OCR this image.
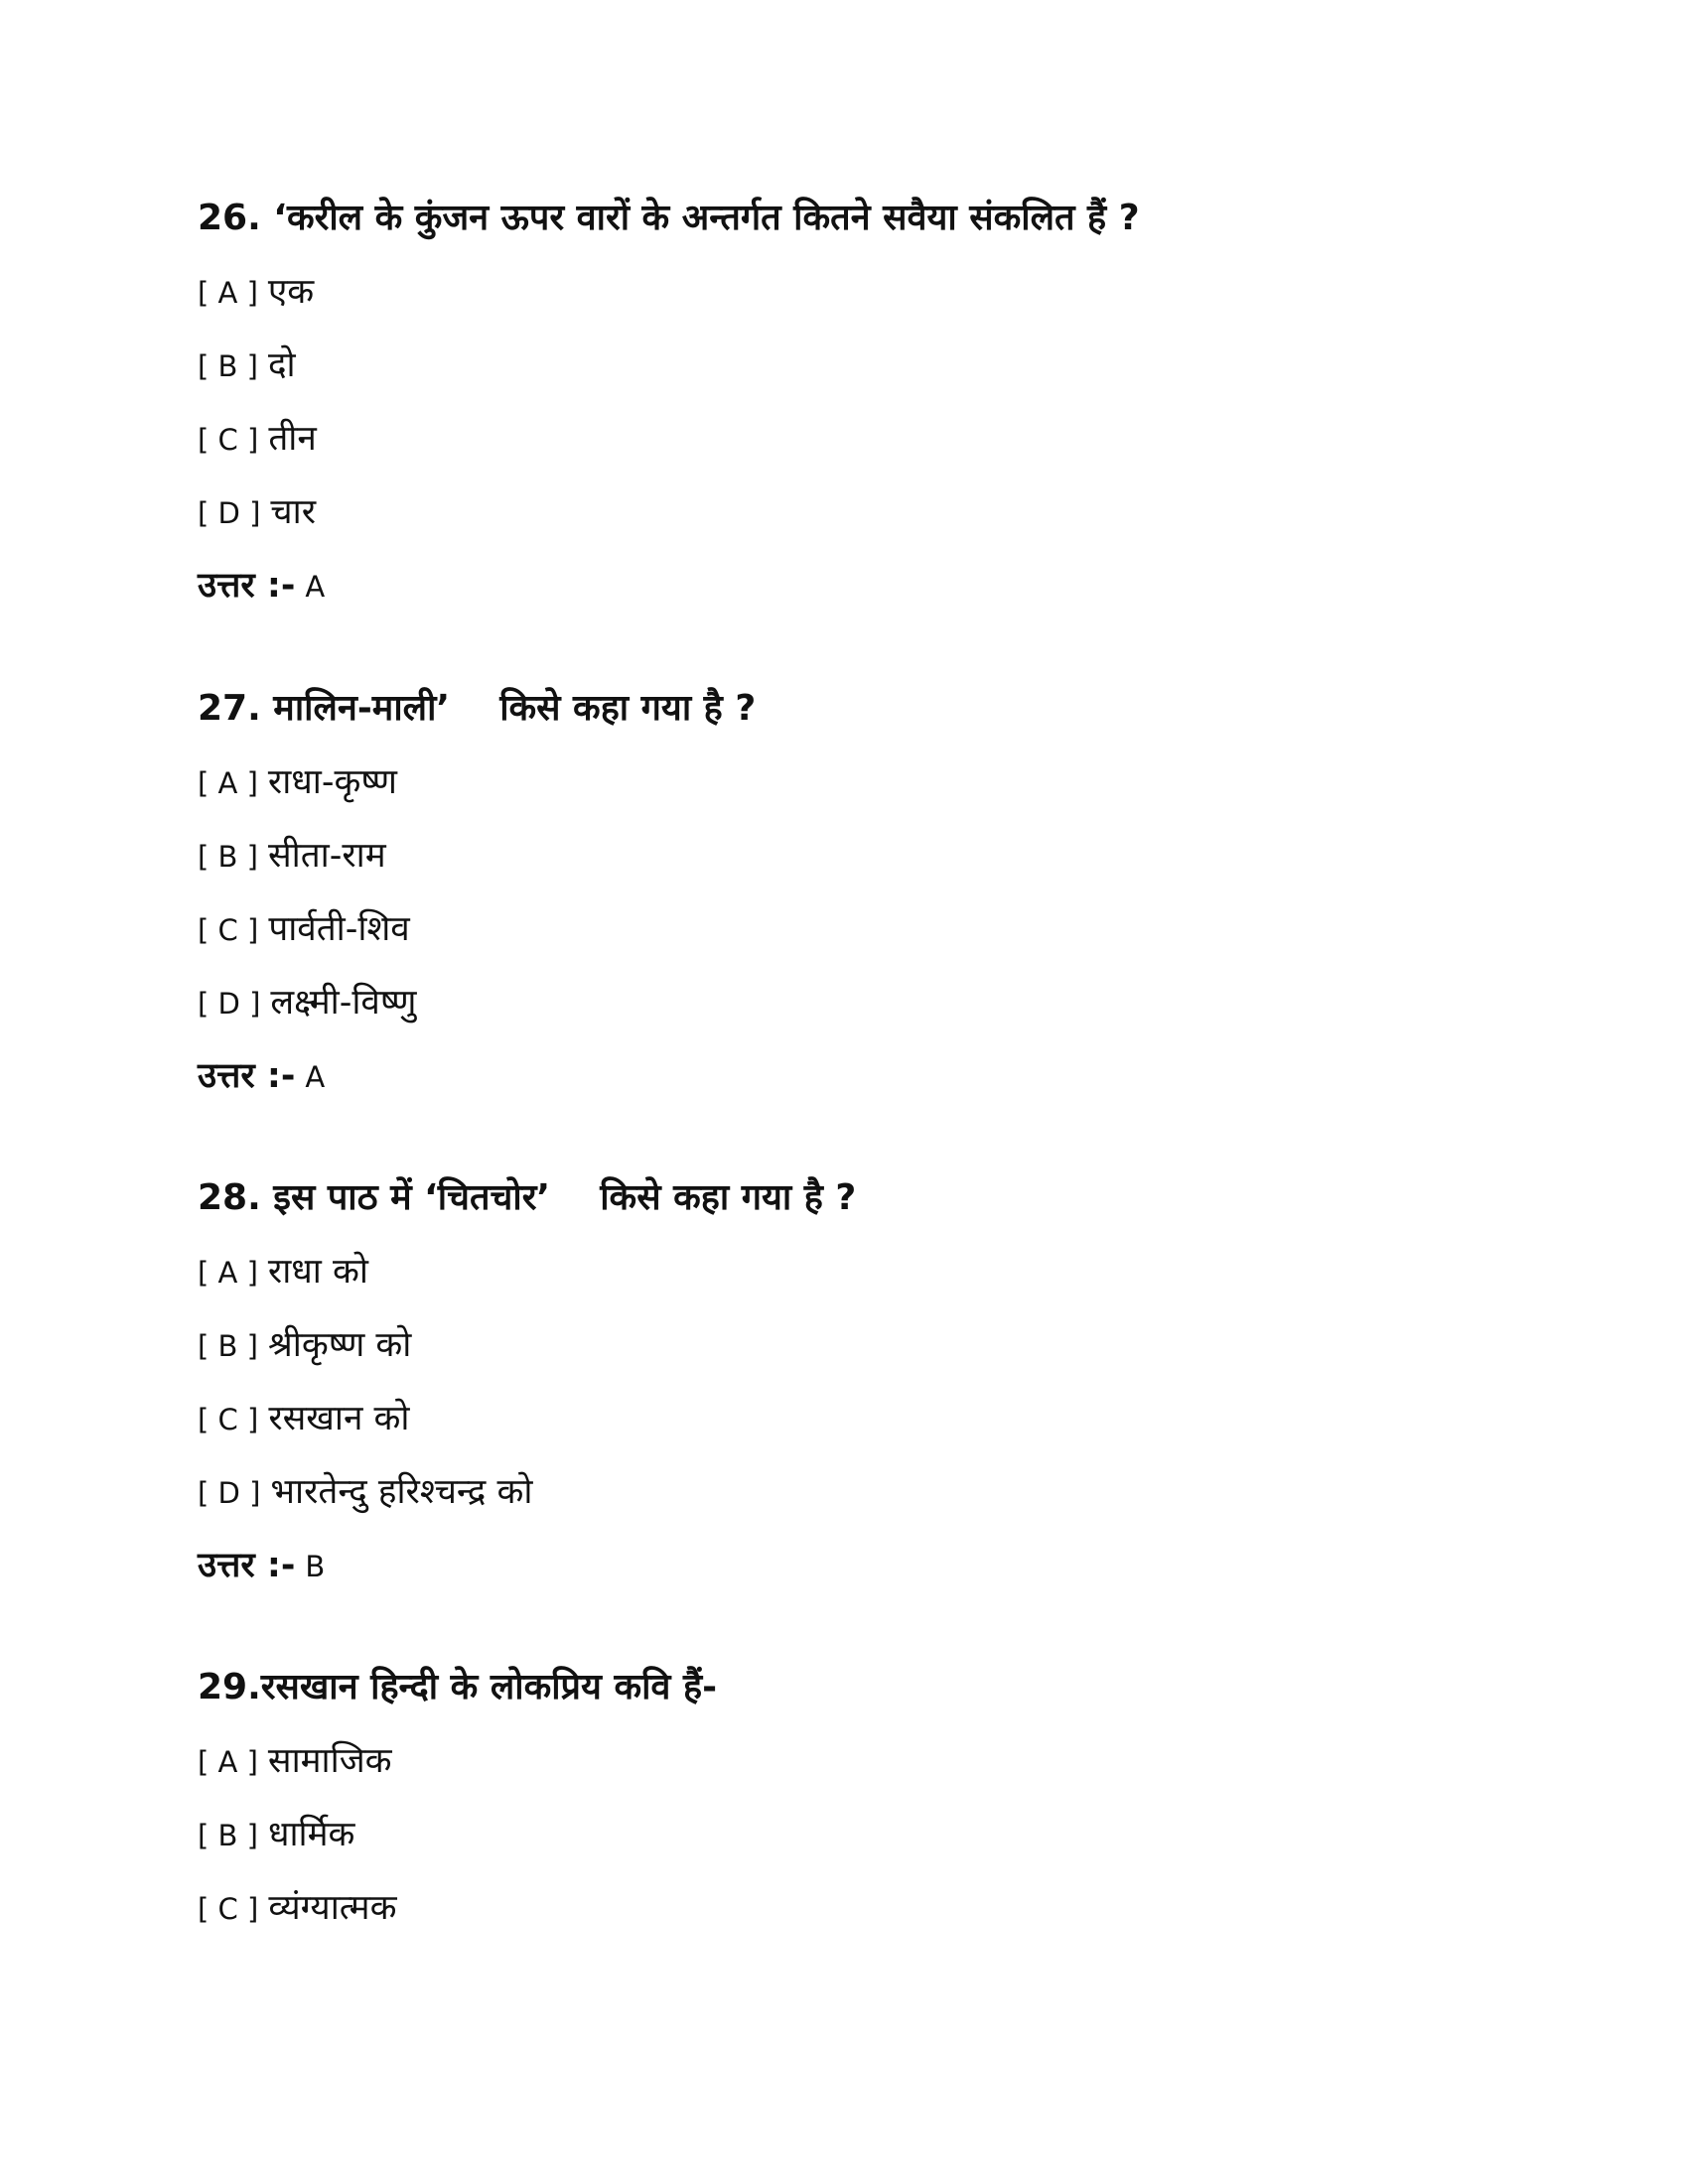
26. ‘करील के कुंजन ऊपर वारों के अन्तर्गत कितने सवैया संकलित हैं ?
[ A ] एक
[ B ] दो
[ C ] तीन
[ D ] चार
उत्तर :- A
27. मालिन-माली’    किसे कहा गया है ?
[ A ] राधा-कृष्ण
[ B ] सीता-राम
[ C ] पार्वती-शिव
[ D ] लक्ष्मी-विष्णु
उत्तर :- A
28. इस पाठ में ‘चितचोर’    किसे कहा गया है ?
[ A ] राधा को
[ B ] श्रीकृष्ण को
[ C ] रसखान को
[ D ] भारतेन्दु हरिश्चन्द्र को
उत्तर :- B
29.रसखान हिन्दी के लोकप्रिय कवि हैं-
[ A ] सामाजिक
[ B ] धार्मिक
[ C ] व्यंग्यात्मक
